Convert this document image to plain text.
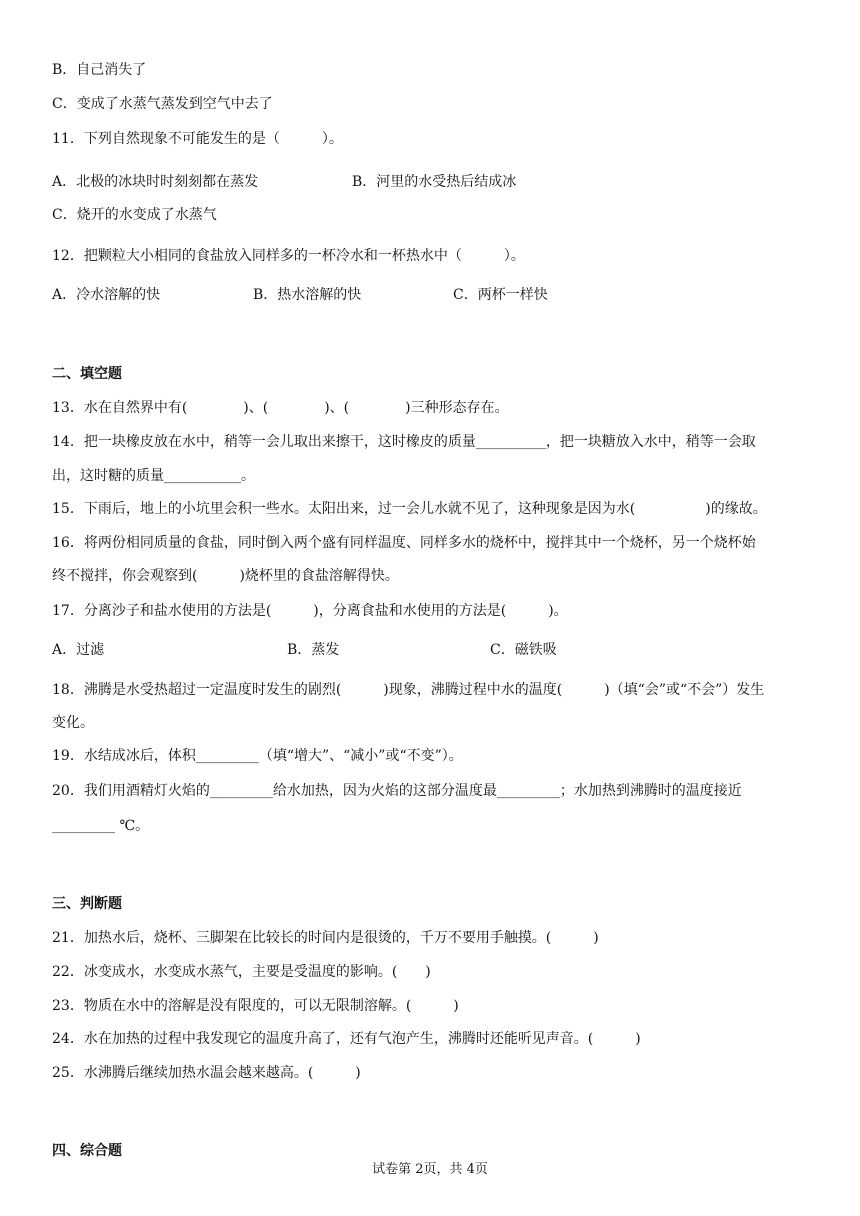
B．自己消失了
C．变成了水蒸气蒸发到空气中去了
11．下列自然现象不可能发生的是（　　　）。
A．北极的冰块时时刻刻都在蒸发	B．河里的水受热后结成冰
C．烧开的水变成了水蒸气
12．把颗粒大小相同的食盐放入同样多的一杯冷水和一杯热水中（　　　）。
A．冷水溶解的快	B．热水溶解的快	C．两杯一样快
二、填空题
13．水在自然界中有(　　　　)、(　　　　)、(　　　　)三种形态存在。
14．把一块橡皮放在水中，稍等一会儿取出来擦干，这时橡皮的质量__________，把一块糖放入水中，稍等一会取
出，这时糖的质量___________。
15．下雨后，地上的小坑里会积一些水。太阳出来，过一会儿水就不见了，这种现象是因为水(　　　　　)的缘故。
16．将两份相同质量的食盐，同时倒入两个盛有同样温度、同样多水的烧杯中，搅拌其中一个烧杯，另一个烧杯始
终不搅拌，你会观察到(　　　)烧杯里的食盐溶解得快。
17．分离沙子和盐水使用的方法是(　　　)，分离食盐和水使用的方法是(　　　)。
A．过滤	B．蒸发	C．磁铁吸
18．沸腾是水受热超过一定温度时发生的剧烈(　　　)现象，沸腾过程中水的温度(　　　)（填“会”或“不会”）发生
变化。
19．水结成冰后，体积_________（填“增大”、“减小”或“不变”）。
20．我们用酒精灯火焰的_________给水加热，因为火焰的这部分温度最_________；水加热到沸腾时的温度接近
_________ ℃。
三、判断题
21．加热水后，烧杯、三脚架在比较长的时间内是很烫的，千万不要用手触摸。(　　　)
22．冰变成水，水变成水蒸气，主要是受温度的影响。(　　)
23．物质在水中的溶解是没有限度的，可以无限制溶解。(　　　)
24．水在加热的过程中我发现它的温度升高了，还有气泡产生，沸腾时还能听见声音。(　　　)
25．水沸腾后继续加热水温会越来越高。(　　　)
四、综合题
试卷第 2页，共 4页
